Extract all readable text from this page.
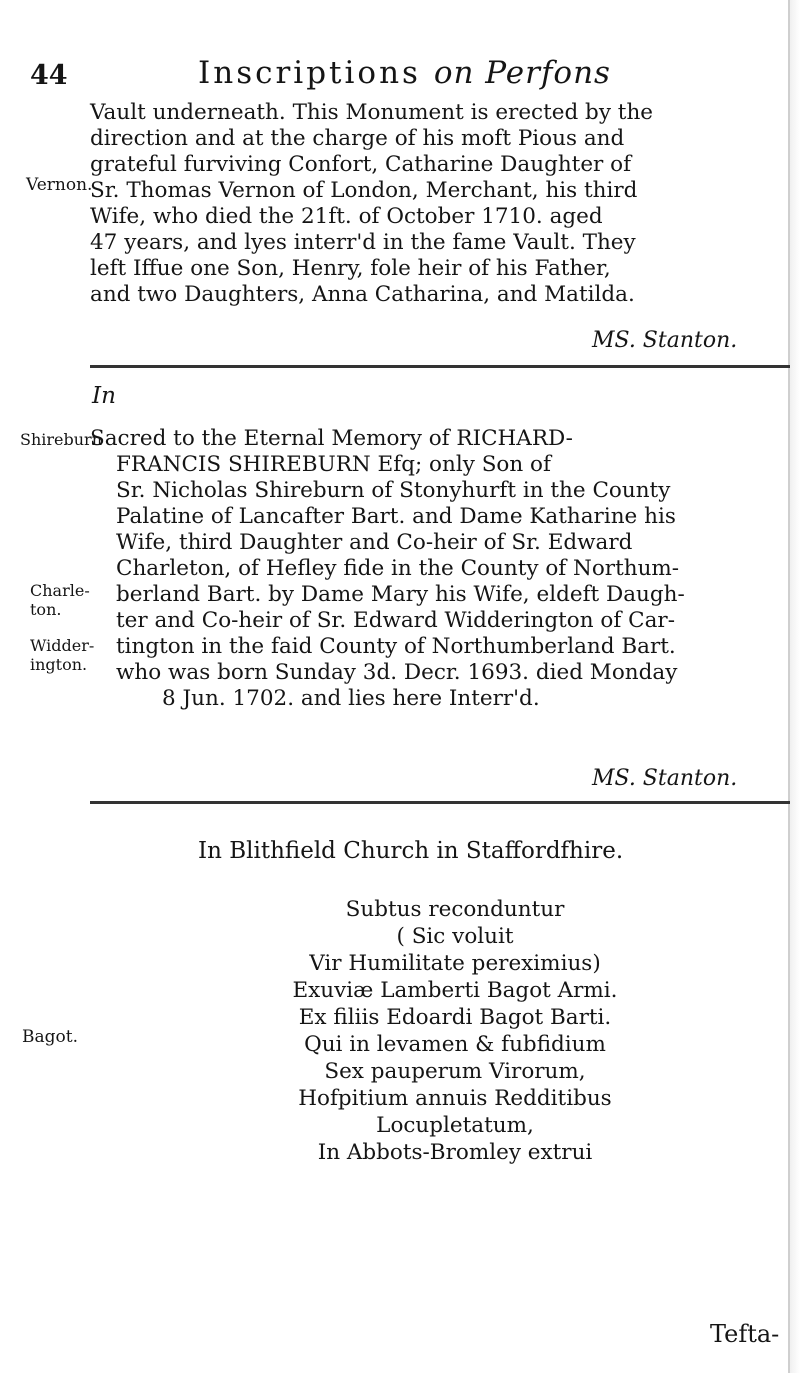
44	Inscriptions on Perfons
Vernon.
Vault underneath. This Monument is erected by the
direction and at the charge of his moft Pious and
grateful furviving Confort, Catharine Daughter of
Sr. Thomas Vernon of London, Merchant, his third
Wife, who died the 21ft. of October 1710. aged
47 years, and lyes interr'd in the fame Vault. They
left Iffue one Son, Henry, fole heir of his Father,
and two Daughters, Anna Catharina, and Matilda.
MS. Stanton.
In
Shireburn
Charle-
ton.
Widder-
ington.
Sacred to the Eternal Memory of RICHARD-
FRANCIS SHIREBURN Efq; only Son of
Sr. Nicholas Shireburn of Stonyhurft in the County
Palatine of Lancafter Bart. and Dame Katharine his
Wife, third Daughter and Co-heir of Sr. Edward
Charleton, of Hefley fide in the County of Northum-
berland Bart. by Dame Mary his Wife, eldeft Daugh-
ter and Co-heir of Sr. Edward Widderington of Car-
tington in the faid County of Northumberland Bart.
who was born Sunday 3d. Decr. 1693. died Monday
8 Jun. 1702. and lies here Interr'd.
MS. Stanton.
In Blithfield Church in Staffordfhire.
Bagot.
Subtus reconduntur
( Sic voluit
Vir Humilitate pereximius)
Exuviæ Lamberti Bagot Armi.
Ex filiis Edoardi Bagot Barti.
Qui in levamen & fubfidium
Sex pauperum Virorum,
Hofpitium annuis Redditibus
Locupletatum,
In Abbots-Bromley extrui
Tefta-
